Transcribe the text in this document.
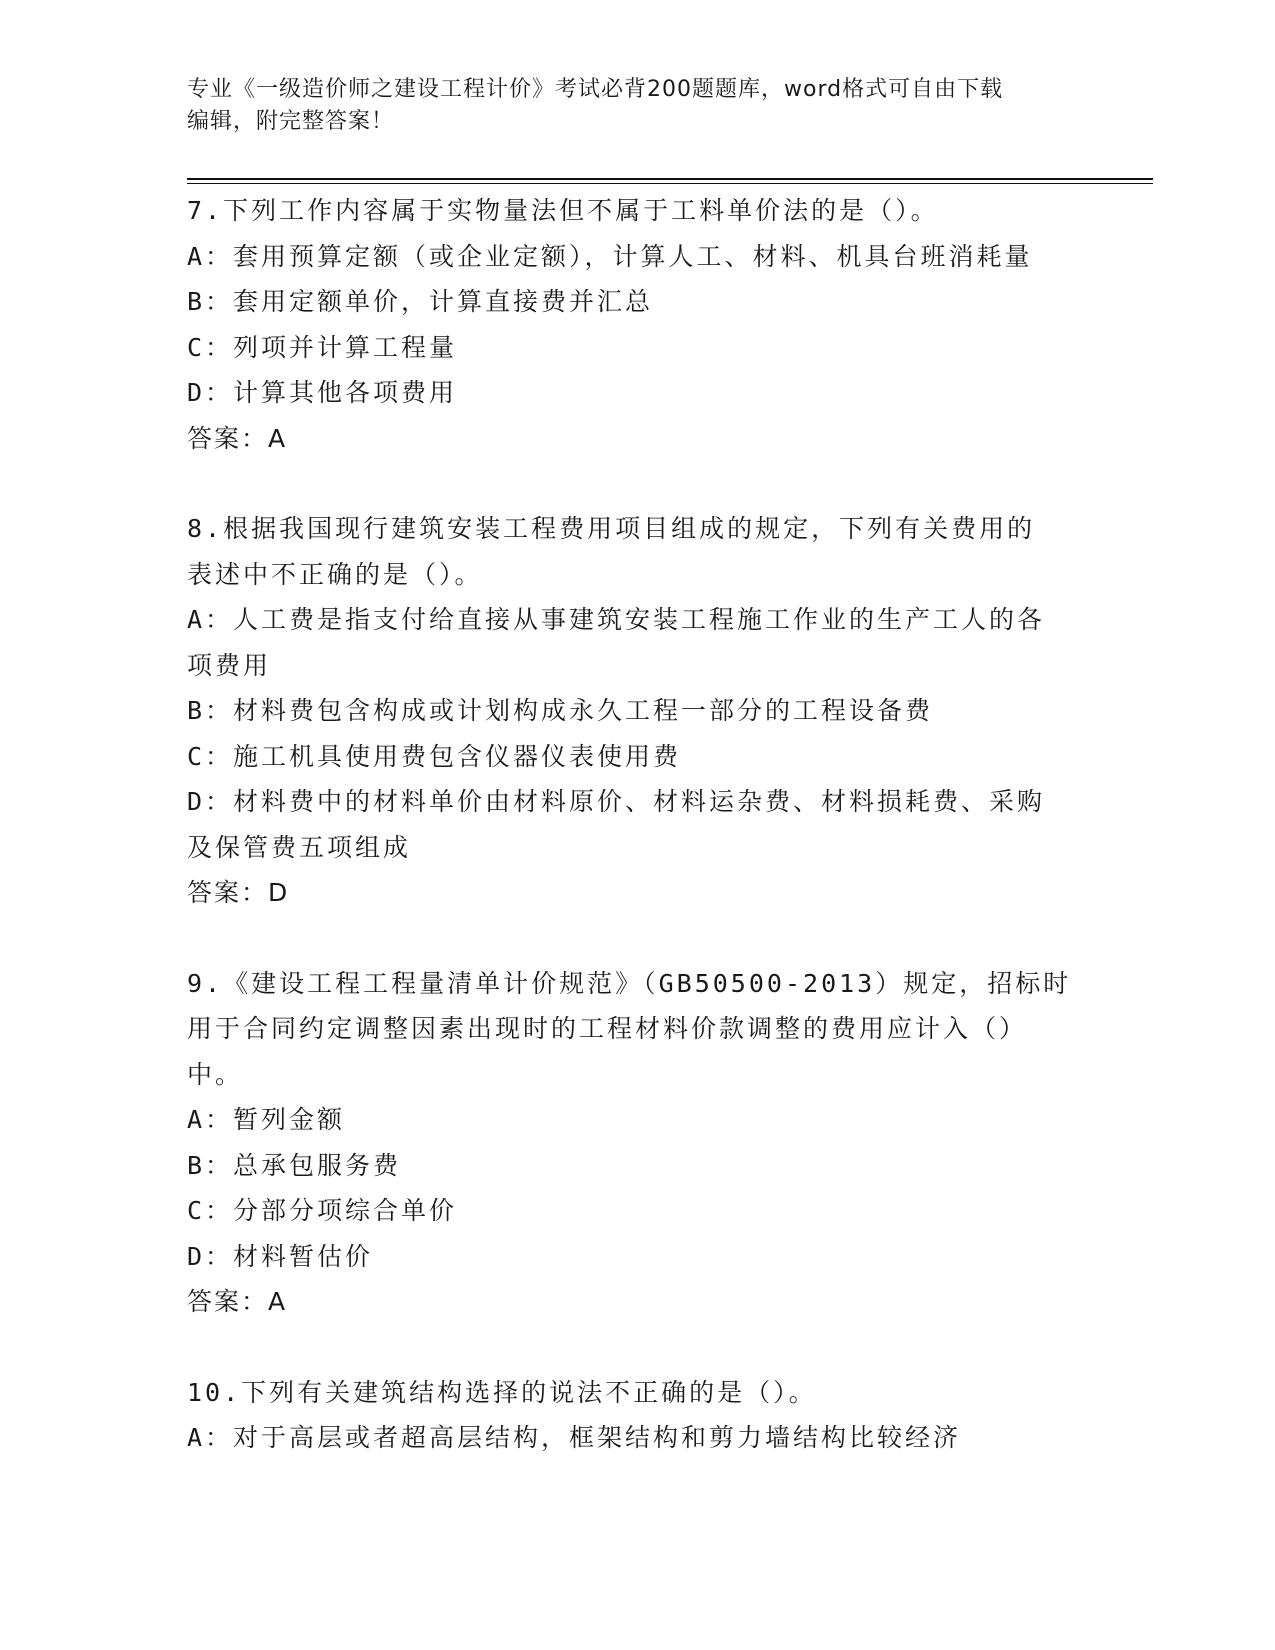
专业《一级造价师之建设工程计价》考试必背200题题库，word格式可自由下载
编辑，附完整答案！
7.下列工作内容属于实物量法但不属于工料单价法的是（）。
A：套用预算定额（或企业定额），计算人工、材料、机具台班消耗量
B：套用定额单价，计算直接费并汇总
C：列项并计算工程量
D：计算其他各项费用
答案：A
8.根据我国现行建筑安装工程费用项目组成的规定，下列有关费用的
表述中不正确的是（）。
A：人工费是指支付给直接从事建筑安装工程施工作业的生产工人的各
项费用
B：材料费包含构成或计划构成永久工程一部分的工程设备费
C：施工机具使用费包含仪器仪表使用费
D：材料费中的材料单价由材料原价、材料运杂费、材料损耗费、采购
及保管费五项组成
答案：D
9.《建设工程工程量清单计价规范》（GB50500-2013）规定，招标时
用于合同约定调整因素出现时的工程材料价款调整的费用应计入（）
中。
A：暂列金额
B：总承包服务费
C：分部分项综合单价
D：材料暂估价
答案：A
10.下列有关建筑结构选择的说法不正确的是（）。
A：对于高层或者超高层结构，框架结构和剪力墙结构比较经济
